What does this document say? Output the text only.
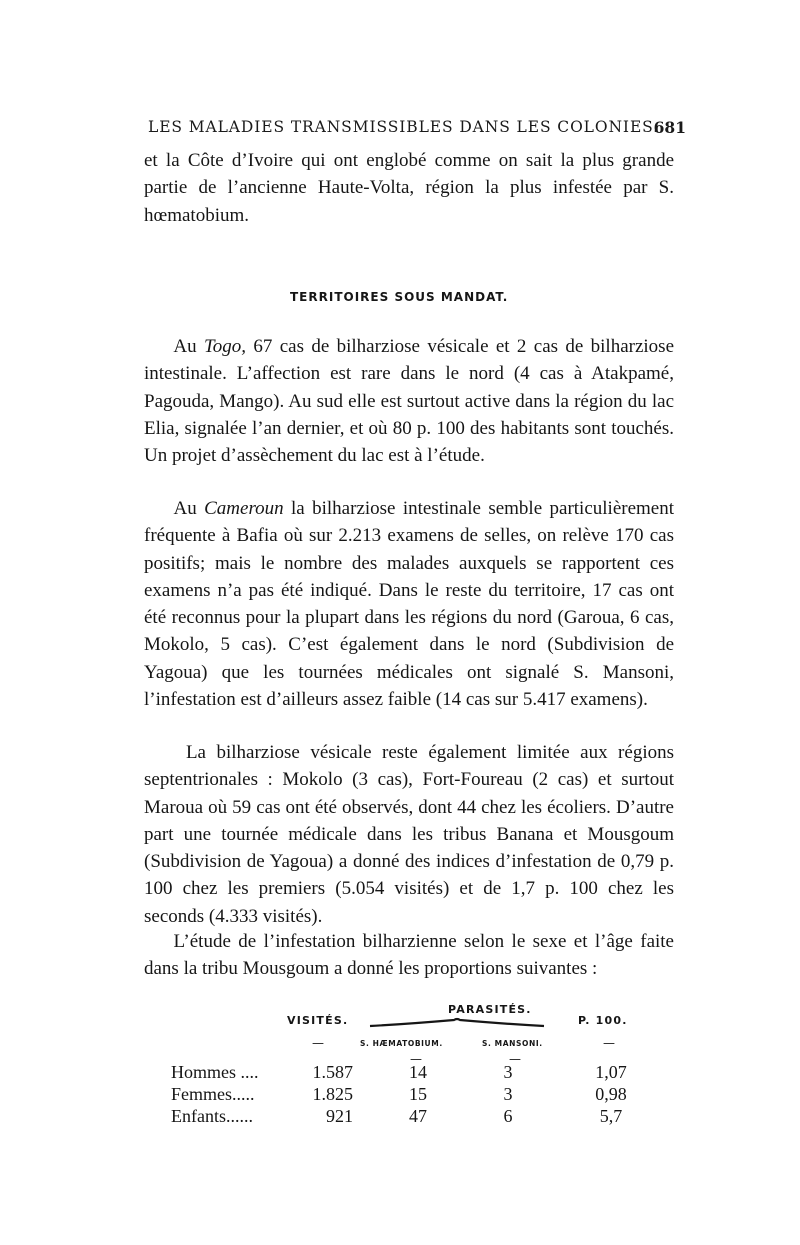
LES MALADIES TRANSMISSIBLES DANS LES COLONIES.
681
et la Côte d’Ivoire qui ont englobé comme on sait la plus grande partie de l’ancienne Haute-Volta, région la plus infestée par S. hœmatobium.
TERRITOIRES SOUS MANDAT.
Au Togo, 67 cas de bilharziose vésicale et 2 cas de bilharziose intestinale. L’affection est rare dans le nord (4 cas à Atakpamé, Pagouda, Mango). Au sud elle est surtout active dans la région du lac Elia, signalée l’an dernier, et où 80 p. 100 des habitants sont touchés. Un projet d’assèchement du lac est à l’étude.
Au Cameroun la bilharziose intestinale semble particulièrement fréquente à Bafia où sur 2.213 examens de selles, on relève 170 cas positifs; mais le nombre des malades auxquels se rapportent ces examens n’a pas été indiqué. Dans le reste du territoire, 17 cas ont été reconnus pour la plupart dans les régions du nord (Garoua, 6 cas, Mokolo, 5 cas). C’est également dans le nord (Subdivision de Yagoua) que les tournées médicales ont signalé S. Mansoni, l’infestation est d’ailleurs assez faible (14 cas sur 5.417 examens).
La bilharziose vésicale reste également limitée aux régions septentrionales : Mokolo (3 cas), Fort-Foureau (2 cas) et surtout Maroua où 59 cas ont été observés, dont 44 chez les écoliers. D’autre part une tournée médicale dans les tribus Banana et Mousgoum (Subdivision de Yagoua) a donné des indices d’infestation de 0,79 p. 100 chez les premiers (5.054 visités) et de 1,7 p. 100 chez les seconds (4.333 visités).
L’étude de l’infestation bilharzienne selon le sexe et l’âge faite dans la tribu Mousgoum a donné les proportions suivantes :
VISITÉS.
PARASITÉS.
P. 100.
S. HÆMATOBIUM.	S. MANSONI.
—
—	—
—
Hommes ....	1.587	14	3	1,07
Femmes.....	1.825	15	3	0,98
Enfants......	921	47	6	5,7
